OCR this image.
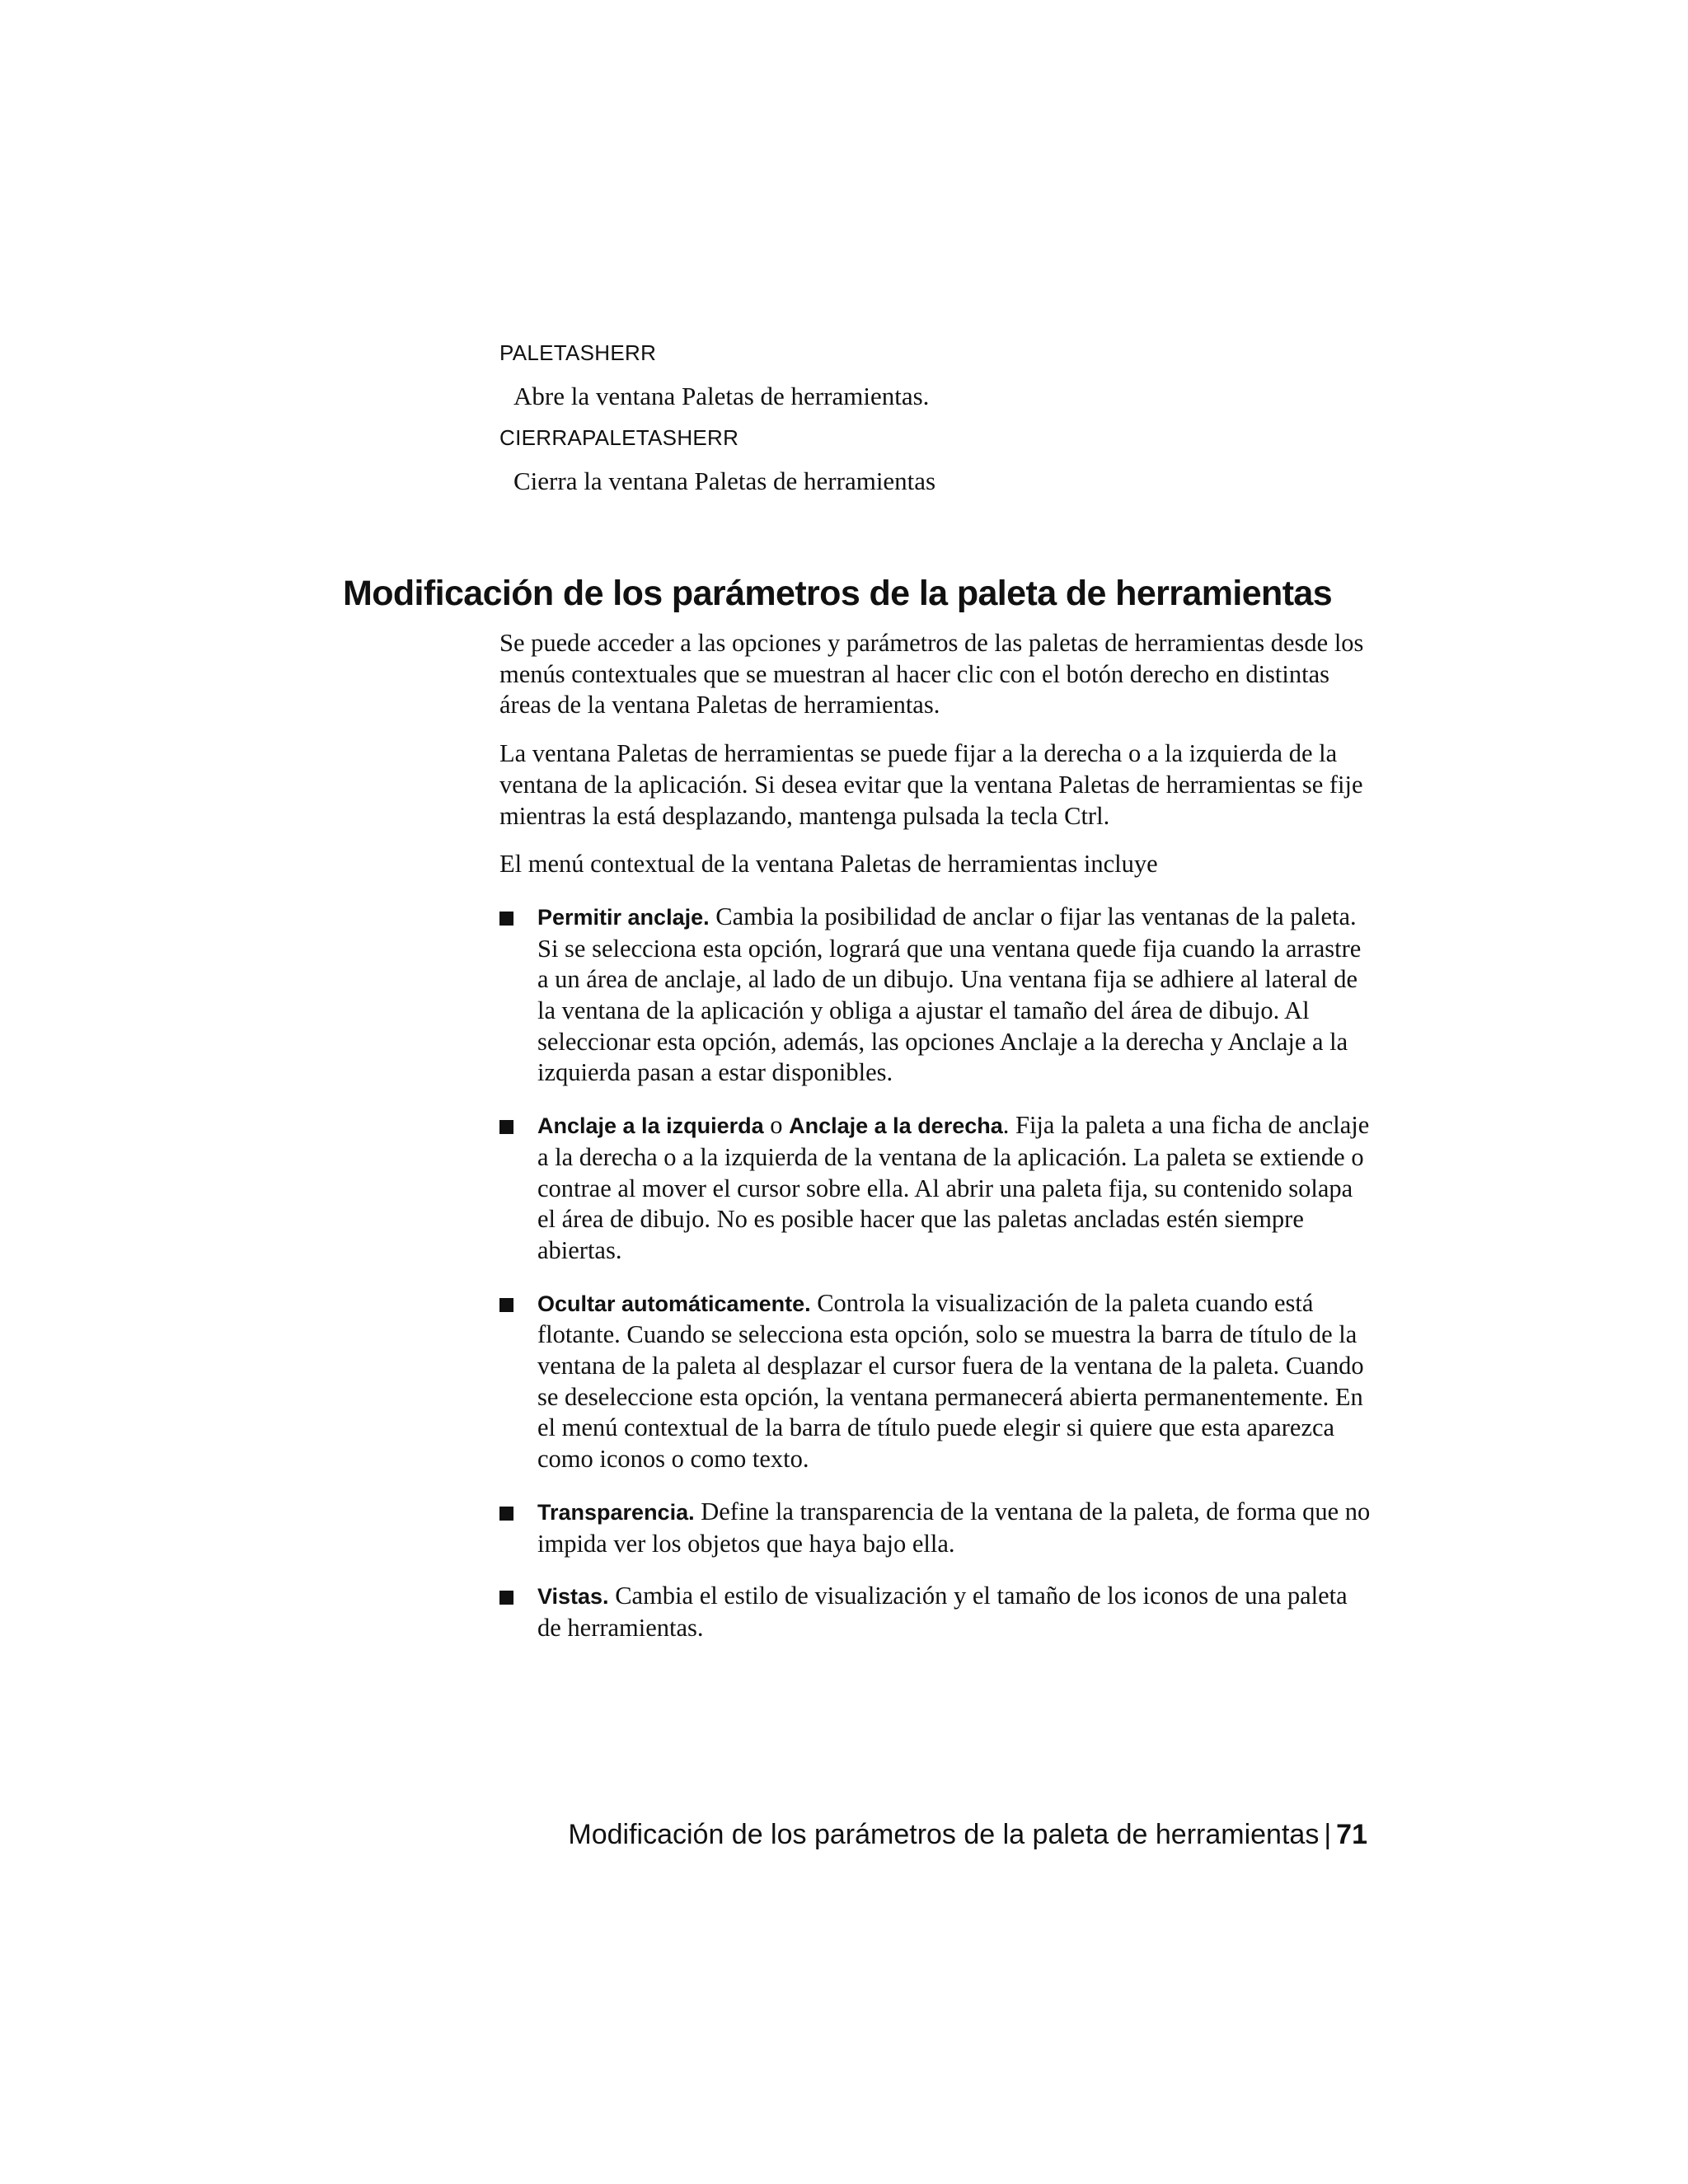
PALETASHERR

Abre la ventana Paletas de herramientas.

CIERRAPALETASHERR

Cierra la ventana Paletas de herramientas

Modificación de los parámetros de la paleta de herramientas

Se puede acceder a las opciones y parámetros de las paletas de herramientas desde los menús contextuales que se muestran al hacer clic con el botón derecho en distintas áreas de la ventana Paletas de herramientas.

La ventana Paletas de herramientas se puede fijar a la derecha o a la izquierda de la ventana de la aplicación. Si desea evitar que la ventana Paletas de herramientas se fije mientras la está desplazando, mantenga pulsada la tecla Ctrl.

El menú contextual de la ventana Paletas de herramientas incluye

Permitir anclaje. Cambia la posibilidad de anclar o fijar las ventanas de la paleta. Si se selecciona esta opción, logrará que una ventana quede fija cuando la arrastre a un área de anclaje, al lado de un dibujo. Una ventana fija se adhiere al lateral de la ventana de la aplicación y obliga a ajustar el tamaño del área de dibujo. Al seleccionar esta opción, además, las opciones Anclaje a la derecha y Anclaje a la izquierda pasan a estar disponibles.
Anclaje a la izquierda o Anclaje a la derecha. Fija la paleta a una ficha de anclaje a la derecha o a la izquierda de la ventana de la aplicación. La paleta se extiende o contrae al mover el cursor sobre ella. Al abrir una paleta fija, su contenido solapa el área de dibujo. No es posible hacer que las paletas ancladas estén siempre abiertas.
Ocultar automáticamente. Controla la visualización de la paleta cuando está flotante. Cuando se selecciona esta opción, solo se muestra la barra de título de la ventana de la paleta al desplazar el cursor fuera de la ventana de la paleta. Cuando se deseleccione esta opción, la ventana permanecerá abierta permanentemente. En el menú contextual de la barra de título puede elegir si quiere que esta aparezca como iconos o como texto.
Transparencia. Define la transparencia de la ventana de la paleta, de forma que no impida ver los objetos que haya bajo ella.
Vistas. Cambia el estilo de visualización y el tamaño de los iconos de una paleta de herramientas.
Modificación de los parámetros de la paleta de herramientas | 71
